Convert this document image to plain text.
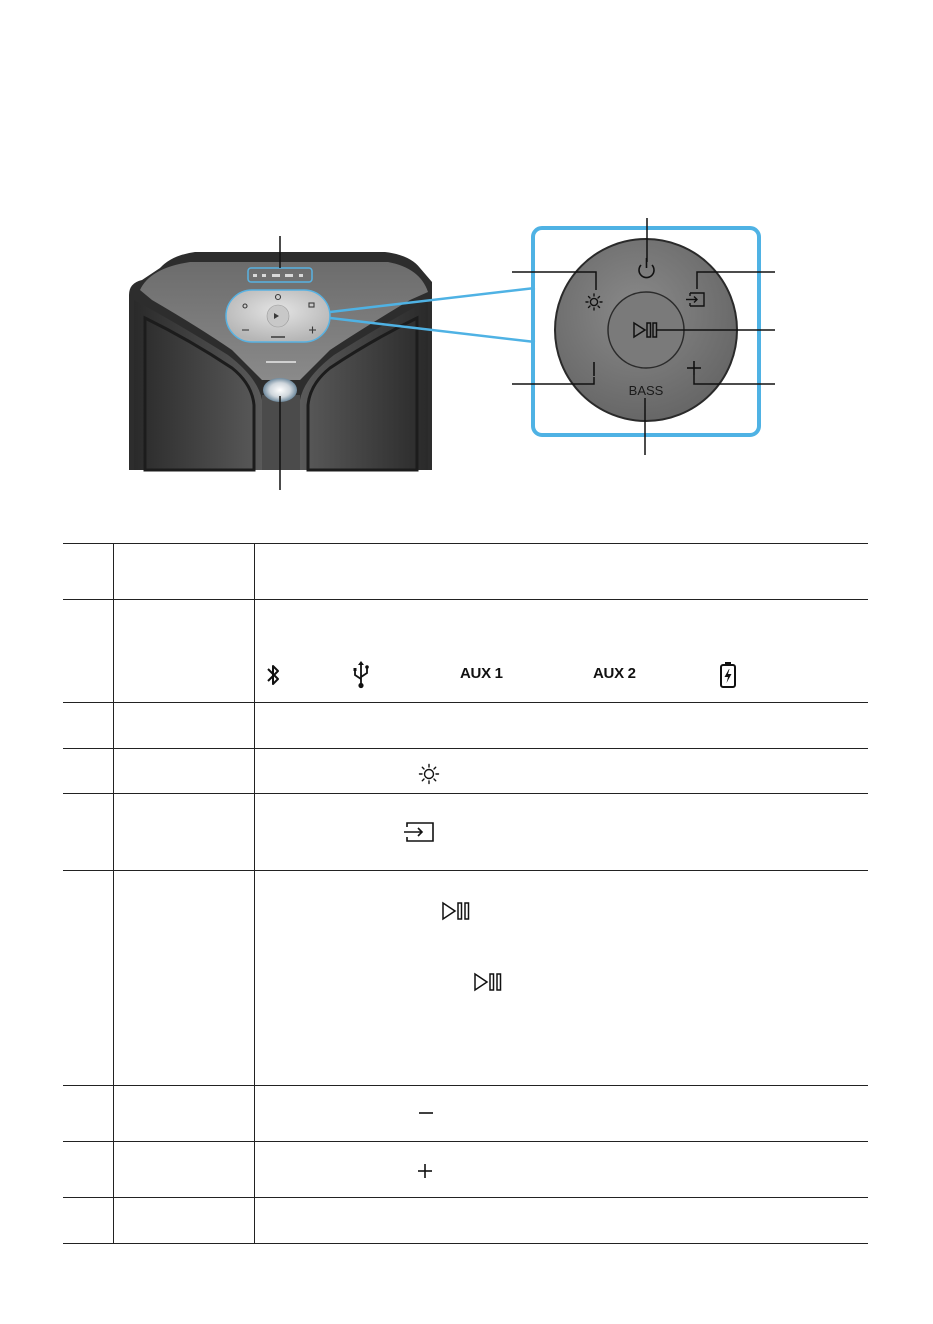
BASS

		AUX 1 AUX 2
